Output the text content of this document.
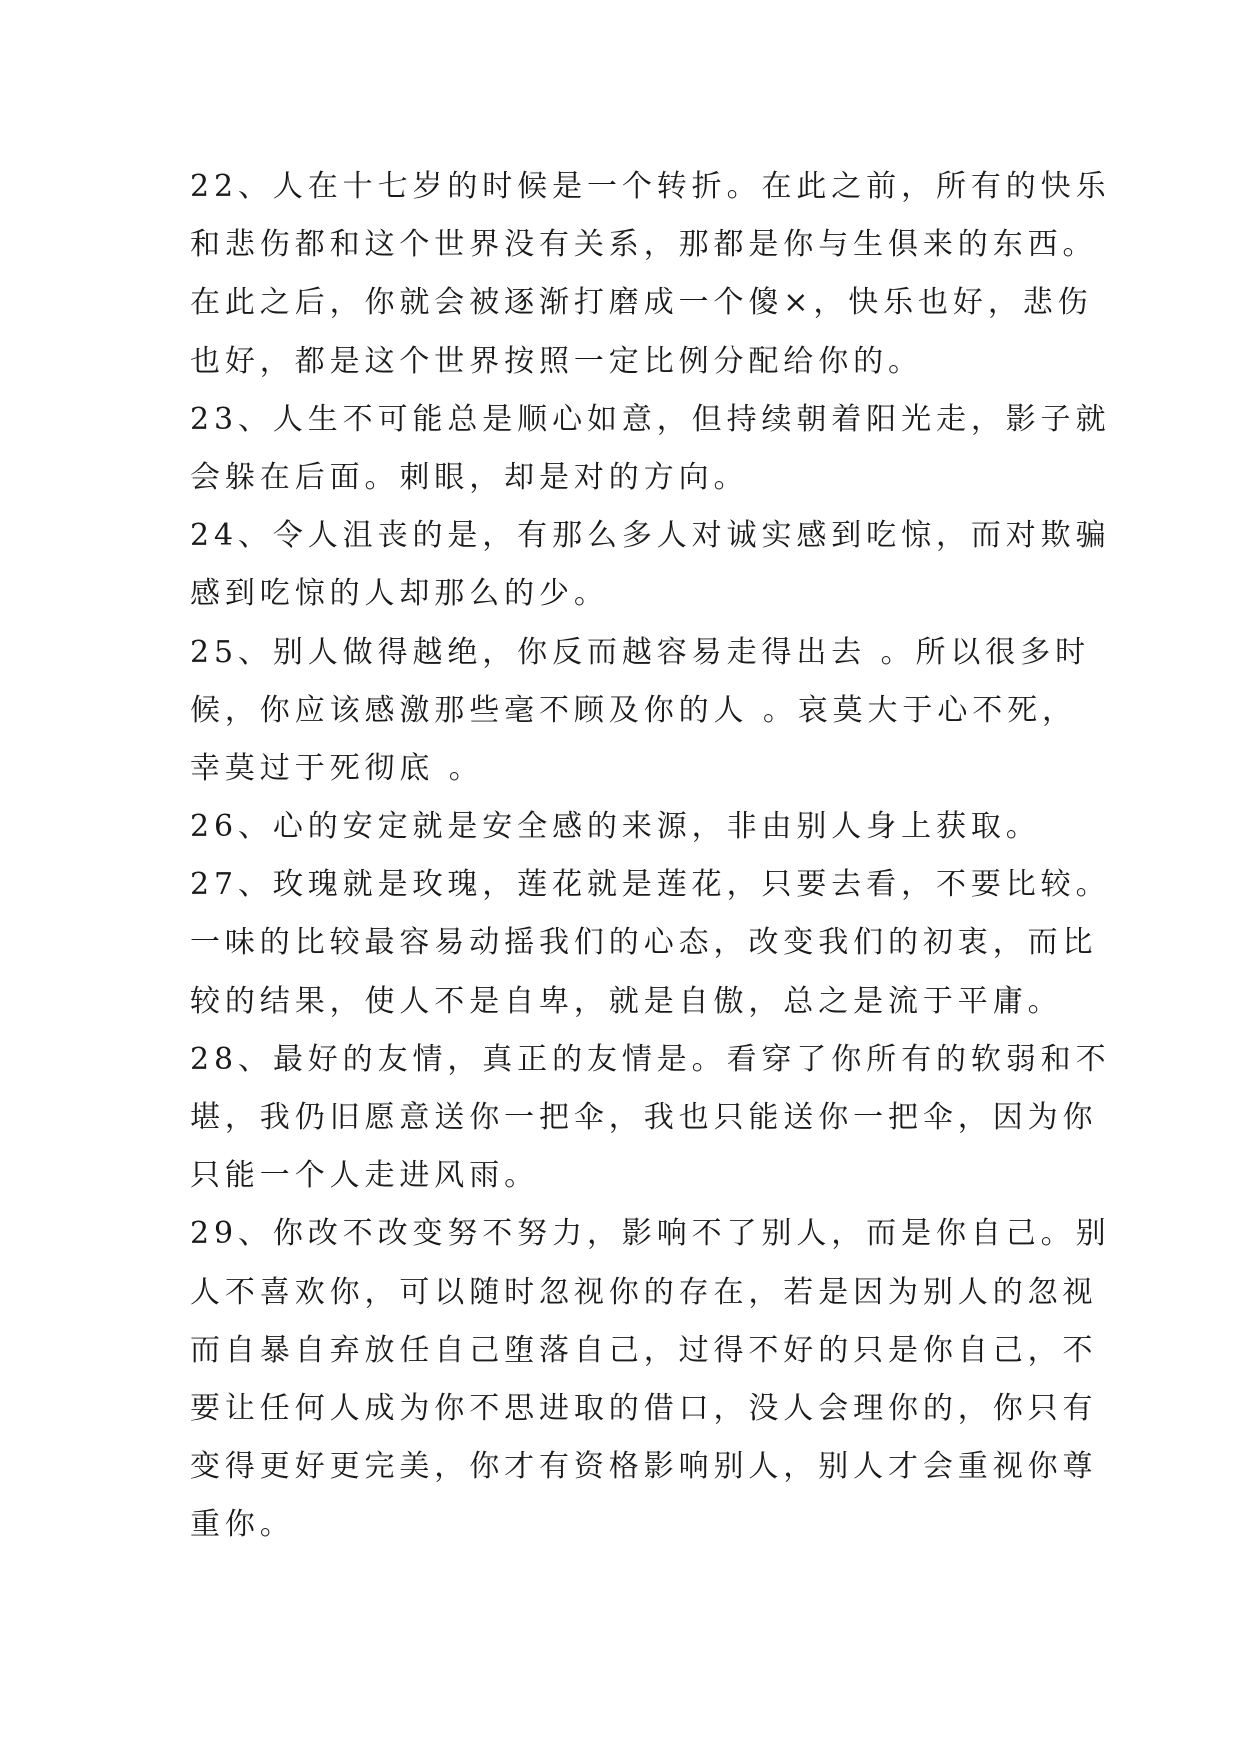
22、人在十七岁的时候是一个转折。在此之前，所有的快乐
和悲伤都和这个世界没有关系，那都是你与生俱来的东西。
在此之后，你就会被逐渐打磨成一个傻×，快乐也好，悲伤
也好，都是这个世界按照一定比例分配给你的。
23、人生不可能总是顺心如意，但持续朝着阳光走，影子就
会躲在后面。刺眼，却是对的方向。
24、令人沮丧的是，有那么多人对诚实感到吃惊，而对欺骗
感到吃惊的人却那么的少。
25、别人做得越绝，你反而越容易走得出去 。所以很多时
候，你应该感激那些毫不顾及你的人 。哀莫大于心不死，
幸莫过于死彻底 。
26、心的安定就是安全感的来源，非由别人身上获取。
27、玫瑰就是玫瑰，莲花就是莲花，只要去看，不要比较。
一味的比较最容易动摇我们的心态，改变我们的初衷，而比
较的结果，使人不是自卑，就是自傲，总之是流于平庸。
28、最好的友情，真正的友情是。看穿了你所有的软弱和不
堪，我仍旧愿意送你一把伞，我也只能送你一把伞，因为你
只能一个人走进风雨。
29、你改不改变努不努力，影响不了别人，而是你自己。别
人不喜欢你，可以随时忽视你的存在，若是因为别人的忽视
而自暴自弃放任自己堕落自己，过得不好的只是你自己，不
要让任何人成为你不思进取的借口，没人会理你的，你只有
变得更好更完美，你才有资格影响别人，别人才会重视你尊
重你。
